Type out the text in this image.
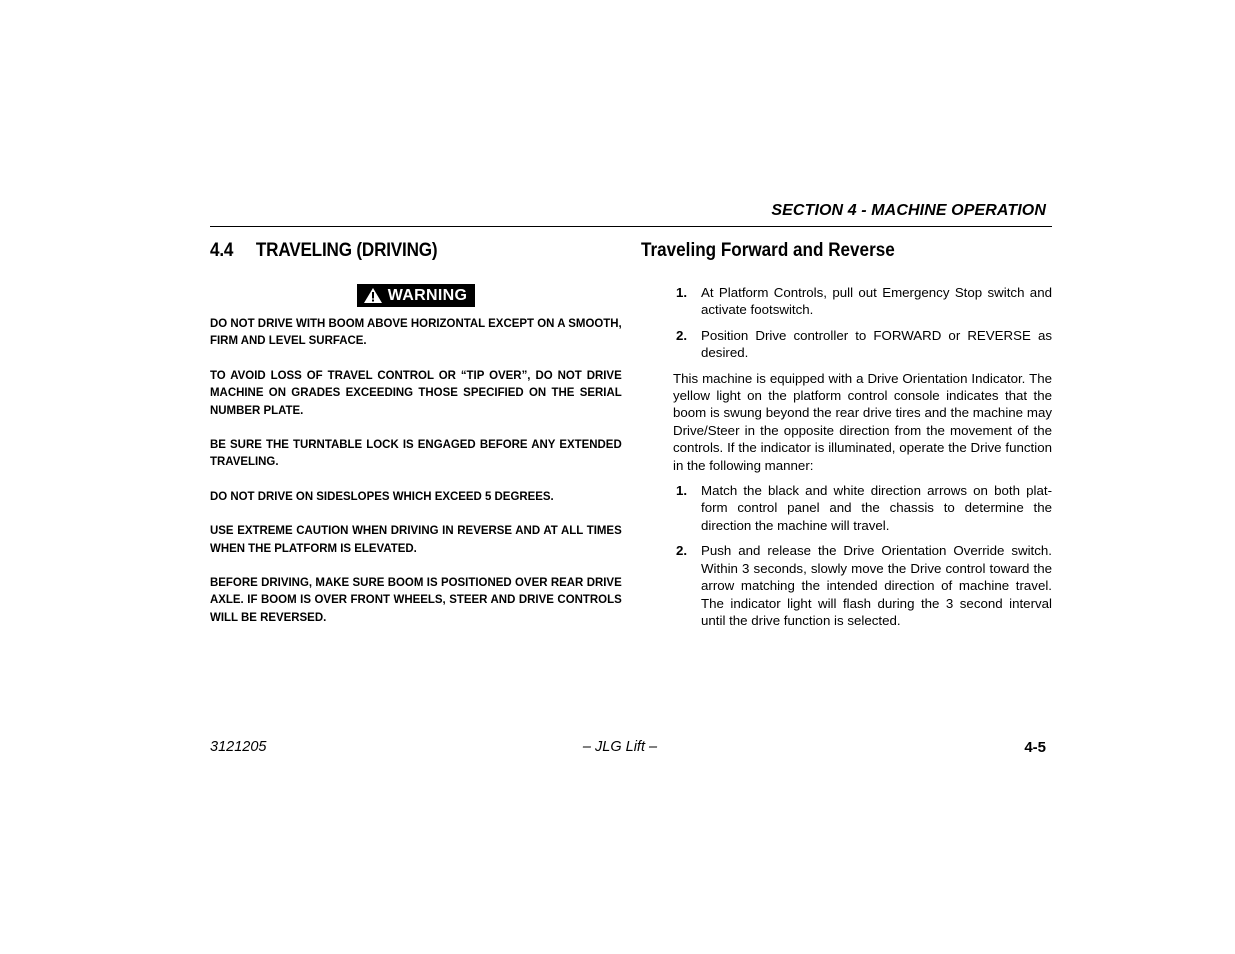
SECTION 4 - MACHINE OPERATION
4.4 TRAVELING (DRIVING)
WARNING

DO NOT DRIVE WITH BOOM ABOVE HORIZONTAL EXCEPT ON A SMOOTH, FIRM AND LEVEL SURFACE.

TO AVOID LOSS OF TRAVEL CONTROL OR “TIP OVER”, DO NOT DRIVE MACHINE ON GRADES EXCEEDING THOSE SPECIFIED ON THE SERIAL NUMBER PLATE.

BE SURE THE TURNTABLE LOCK IS ENGAGED BEFORE ANY EXTENDED TRAVELING.

DO NOT DRIVE ON SIDESLOPES WHICH EXCEED 5 DEGREES.

USE EXTREME CAUTION WHEN DRIVING IN REVERSE AND AT ALL TIMES WHEN THE PLATFORM IS ELEVATED.

BEFORE DRIVING, MAKE SURE BOOM IS POSITIONED OVER REAR DRIVE AXLE. IF BOOM IS OVER FRONT WHEELS, STEER AND DRIVE CONTROLS WILL BE REVERSED.

Traveling Forward and Reverse
1.	At Platform Controls, pull out Emergency Stop switch and activate footswitch.
2.	Position Drive controller to FORWARD or REVERSE as desired.

This machine is equipped with a Drive Orientation Indicator. The yellow light on the platform control console indicates that the boom is swung beyond the rear drive tires and the machine may Drive/Steer in the opposite direction from the movement of the controls. If the indicator is illuminated, operate the Drive function in the following manner:

1.	Match the black and white direction arrows on both plat-form control panel and the chassis to determine the direction the machine will travel.
2.	Push and release the Drive Orientation Override switch. Within 3 seconds, slowly move the Drive control toward the arrow matching the intended direction of machine travel. The indicator light will flash during the 3 second interval until the drive function is selected.
3121205	– JLG Lift –	4-5
